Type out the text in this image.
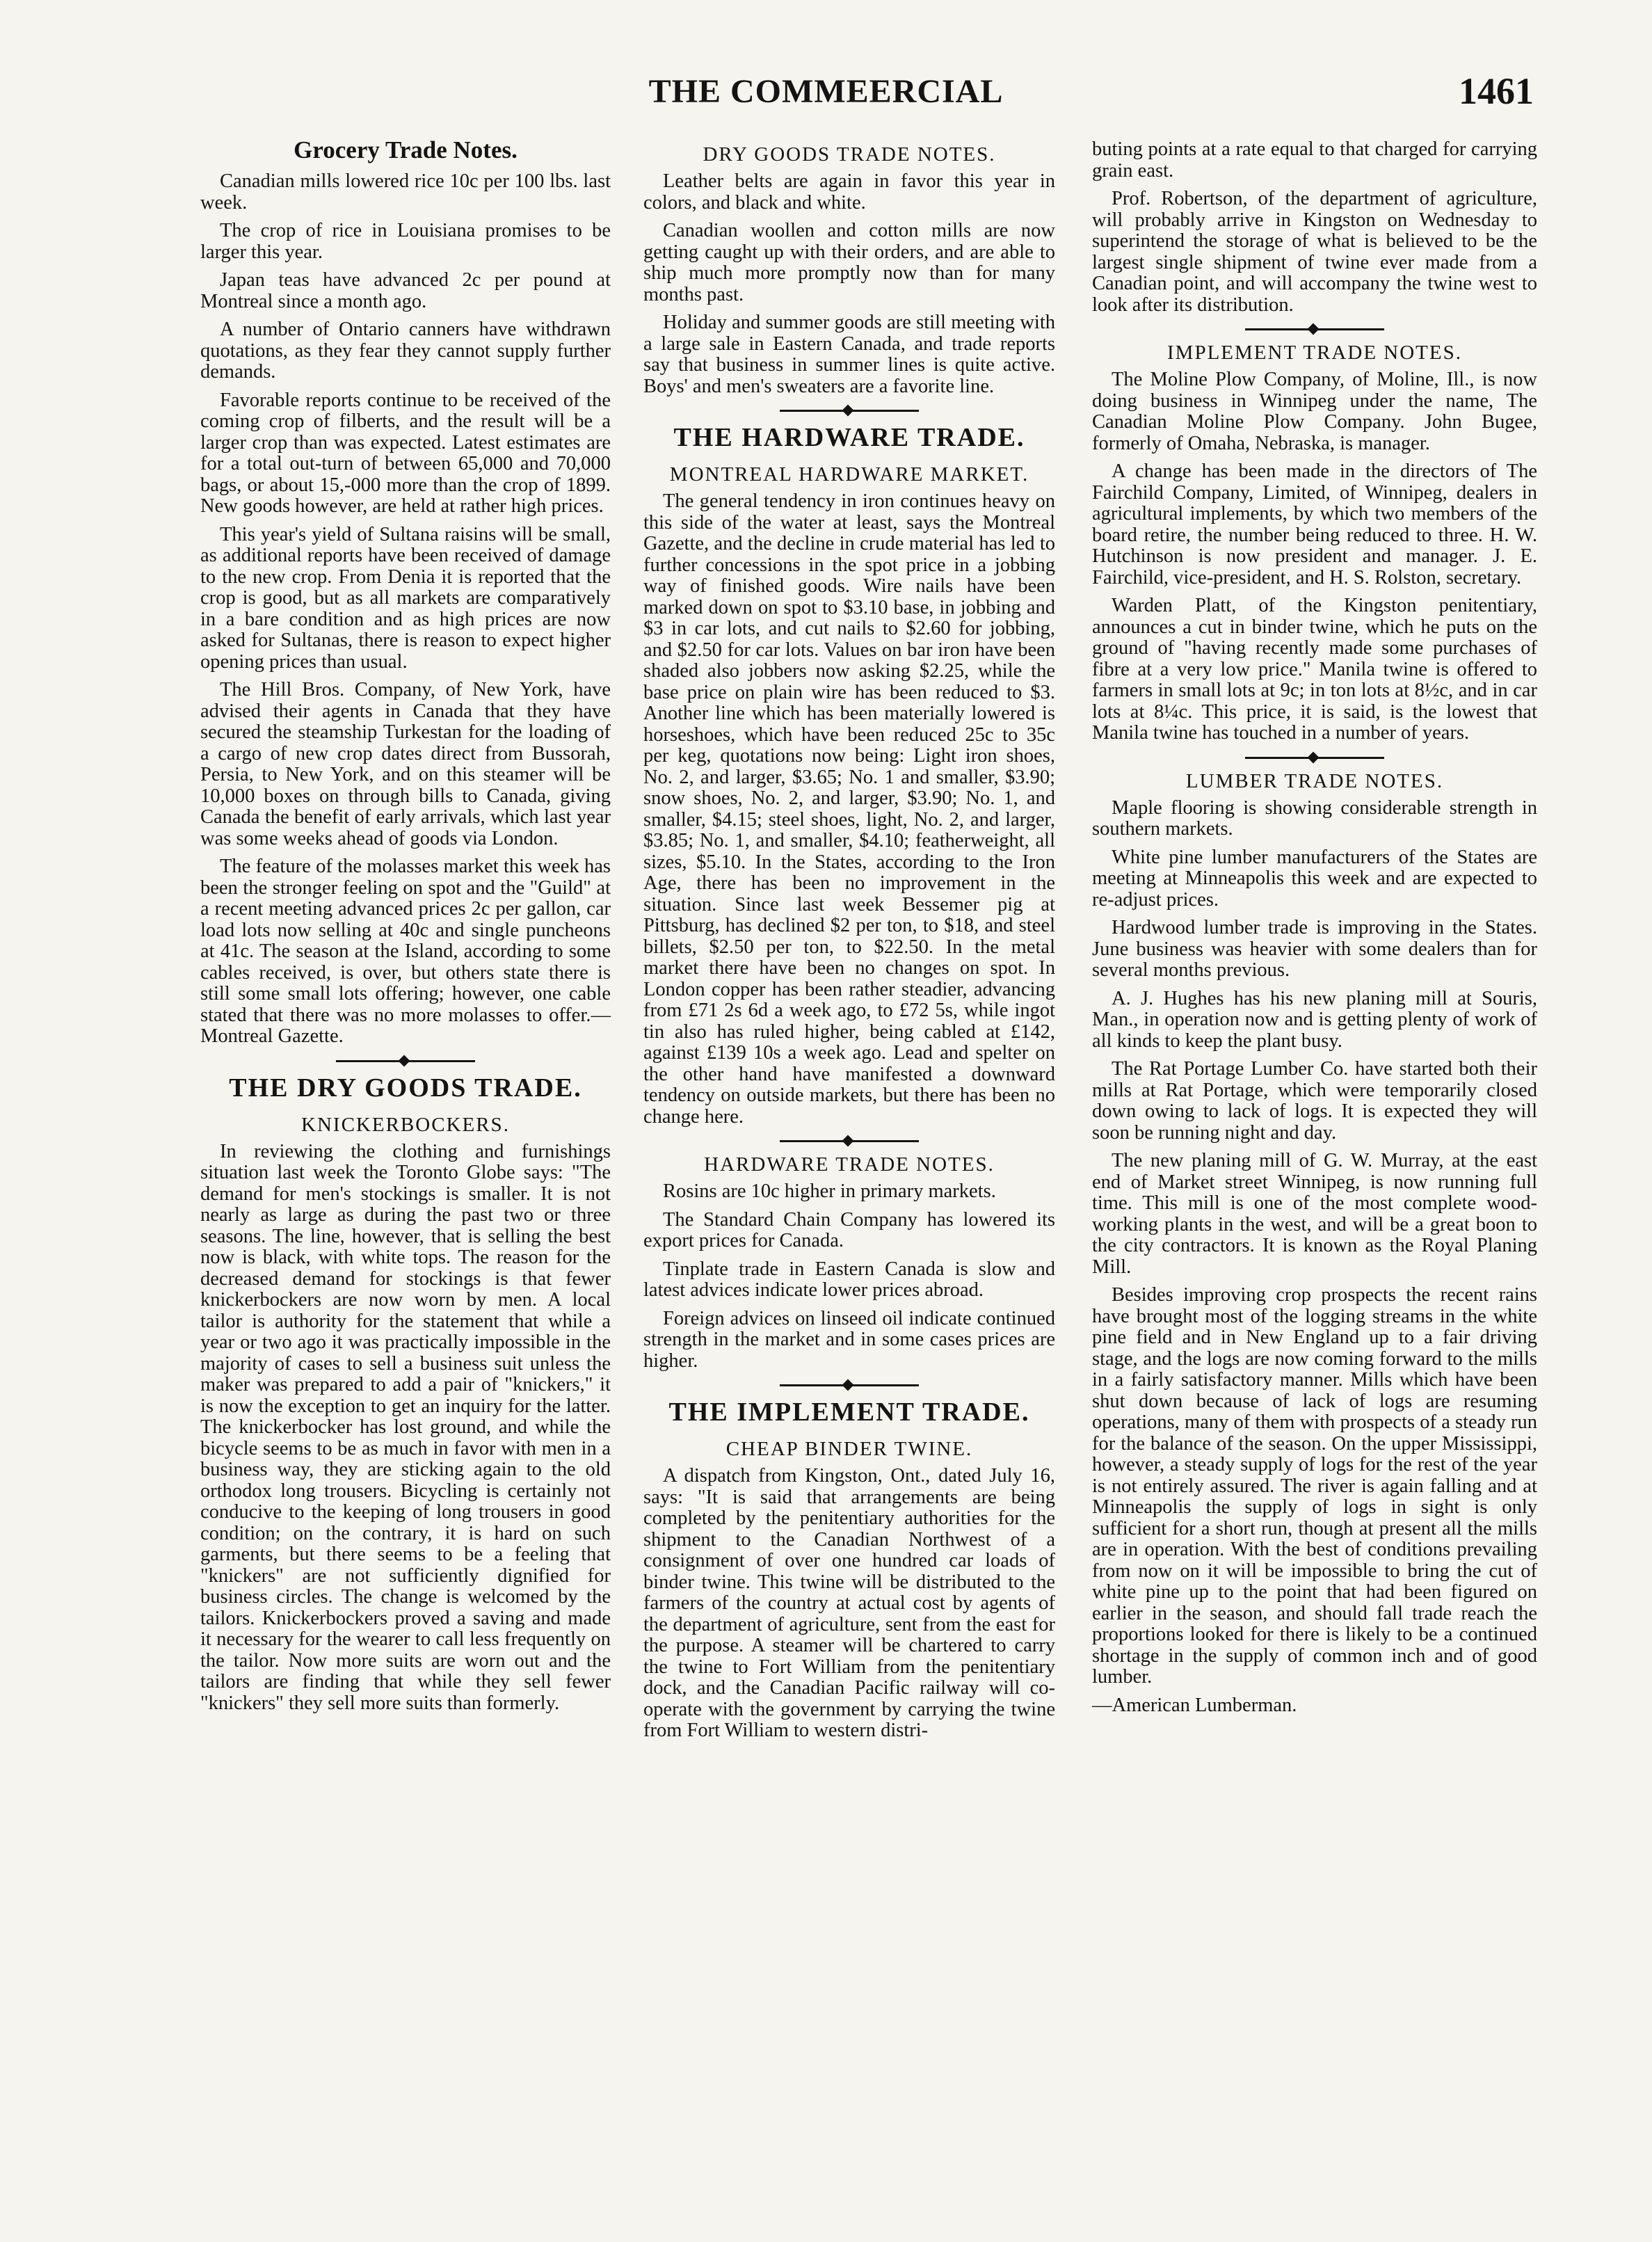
THE COMMEERCIAL	1461
Grocery Trade Notes.

Canadian mills lowered rice 10c per 100 lbs. last week.

The crop of rice in Louisiana promises to be larger this year.

Japan teas have advanced 2c per pound at Montreal since a month ago.

A number of Ontario canners have withdrawn quotations, as they fear they cannot supply further demands.

Favorable reports continue to be received of the coming crop of filberts, and the result will be a larger crop than was expected. Latest estimates are for a total out-turn of between 65,000 and 70,000 bags, or about 15,-000 more than the crop of 1899. New goods however, are held at rather high prices.

This year's yield of Sultana raisins will be small, as additional reports have been received of damage to the new crop. From Denia it is reported that the crop is good, but as all markets are comparatively in a bare condition and as high prices are now asked for Sultanas, there is reason to expect higher opening prices than usual.

The Hill Bros. Company, of New York, have advised their agents in Canada that they have secured the steamship Turkestan for the loading of a cargo of new crop dates direct from Bussorah, Persia, to New York, and on this steamer will be 10,000 boxes on through bills to Canada, giving Canada the benefit of early arrivals, which last year was some weeks ahead of goods via London.

The feature of the molasses market this week has been the stronger feeling on spot and the "Guild" at a recent meeting advanced prices 2c per gallon, car load lots now selling at 40c and single puncheons at 41c. The season at the Island, according to some cables received, is over, but others state there is still some small lots offering; however, one cable stated that there was no more molasses to offer.—Montreal Gazette.

THE DRY GOODS TRADE.
KNICKERBOCKERS.

In reviewing the clothing and furnishings situation last week the Toronto Globe says: "The demand for men's stockings is smaller. It is not nearly as large as during the past two or three seasons. The line, however, that is selling the best now is black, with white tops. The reason for the decreased demand for stockings is that fewer knickerbockers are now worn by men. A local tailor is authority for the statement that while a year or two ago it was practically impossible in the majority of cases to sell a business suit unless the maker was prepared to add a pair of "knickers," it is now the exception to get an inquiry for the latter. The knickerbocker has lost ground, and while the bicycle seems to be as much in favor with men in a business way, they are sticking again to the old orthodox long trousers. Bicycling is certainly not conducive to the keeping of long trousers in good condition; on the contrary, it is hard on such garments, but there seems to be a feeling that "knickers" are not sufficiently dignified for business circles. The change is welcomed by the tailors. Knickerbockers proved a saving and made it necessary for the wearer to call less frequently on the tailor. Now more suits are worn out and the tailors are finding that while they sell fewer "knickers" they sell more suits than formerly.

DRY GOODS TRADE NOTES.

Leather belts are again in favor this year in colors, and black and white.

Canadian woollen and cotton mills are now getting caught up with their orders, and are able to ship much more promptly now than for many months past.

Holiday and summer goods are still meeting with a large sale in Eastern Canada, and trade reports say that business in summer lines is quite active. Boys' and men's sweaters are a favorite line.

THE HARDWARE TRADE.
MONTREAL HARDWARE MARKET.

The general tendency in iron continues heavy on this side of the water at least, says the Montreal Gazette, and the decline in crude material has led to further concessions in the spot price in a jobbing way of finished goods. Wire nails have been marked down on spot to $3.10 base, in jobbing and $3 in car lots, and cut nails to $2.60 for jobbing, and $2.50 for car lots. Values on bar iron have been shaded also jobbers now asking $2.25, while the base price on plain wire has been reduced to $3. Another line which has been materially lowered is horseshoes, which have been reduced 25c to 35c per keg, quotations now being: Light iron shoes, No. 2, and larger, $3.65; No. 1 and smaller, $3.90; snow shoes, No. 2, and larger, $3.90; No. 1, and smaller, $4.15; steel shoes, light, No. 2, and larger, $3.85; No. 1, and smaller, $4.10; featherweight, all sizes, $5.10. In the States, according to the Iron Age, there has been no improvement in the situation. Since last week Bessemer pig at Pittsburg, has declined $2 per ton, to $18, and steel billets, $2.50 per ton, to $22.50. In the metal market there have been no changes on spot. In London copper has been rather steadier, advancing from £71 2s 6d a week ago, to £72 5s, while ingot tin also has ruled higher, being cabled at £142, against £139 10s a week ago. Lead and spelter on the other hand have manifested a downward tendency on outside markets, but there has been no change here.

HARDWARE TRADE NOTES.

Rosins are 10c higher in primary markets.

The Standard Chain Company has lowered its export prices for Canada.

Tinplate trade in Eastern Canada is slow and latest advices indicate lower prices abroad.

Foreign advices on linseed oil indicate continued strength in the market and in some cases prices are higher.

THE IMPLEMENT TRADE.
CHEAP BINDER TWINE.

A dispatch from Kingston, Ont., dated July 16, says: "It is said that arrangements are being completed by the penitentiary authorities for the shipment to the Canadian Northwest of a consignment of over one hundred car loads of binder twine. This twine will be distributed to the farmers of the country at actual cost by agents of the department of agriculture, sent from the east for the purpose. A steamer will be chartered to carry the twine to Fort William from the penitentiary dock, and the Canadian Pacific railway will co-operate with the government by carrying the twine from Fort William to western distri-

buting points at a rate equal to that charged for carrying grain east.

Prof. Robertson, of the department of agriculture, will probably arrive in Kingston on Wednesday to superintend the storage of what is believed to be the largest single shipment of twine ever made from a Canadian point, and will accompany the twine west to look after its distribution.

IMPLEMENT TRADE NOTES.

The Moline Plow Company, of Moline, Ill., is now doing business in Winnipeg under the name, The Canadian Moline Plow Company. John Bugee, formerly of Omaha, Nebraska, is manager.

A change has been made in the directors of The Fairchild Company, Limited, of Winnipeg, dealers in agricultural implements, by which two members of the board retire, the number being reduced to three. H. W. Hutchinson is now president and manager. J. E. Fairchild, vice-president, and H. S. Rolston, secretary.

Warden Platt, of the Kingston penitentiary, announces a cut in binder twine, which he puts on the ground of "having recently made some purchases of fibre at a very low price." Manila twine is offered to farmers in small lots at 9c; in ton lots at 8½c, and in car lots at 8¼c. This price, it is said, is the lowest that Manila twine has touched in a number of years.

LUMBER TRADE NOTES.

Maple flooring is showing considerable strength in southern markets.

White pine lumber manufacturers of the States are meeting at Minneapolis this week and are expected to re-adjust prices.

Hardwood lumber trade is improving in the States. June business was heavier with some dealers than for several months previous.

A. J. Hughes has his new planing mill at Souris, Man., in operation now and is getting plenty of work of all kinds to keep the plant busy.

The Rat Portage Lumber Co. have started both their mills at Rat Portage, which were temporarily closed down owing to lack of logs. It is expected they will soon be running night and day.

The new planing mill of G. W. Murray, at the east end of Market street Winnipeg, is now running full time. This mill is one of the most complete wood-working plants in the west, and will be a great boon to the city contractors. It is known as the Royal Planing Mill.

Besides improving crop prospects the recent rains have brought most of the logging streams in the white pine field and in New England up to a fair driving stage, and the logs are now coming forward to the mills in a fairly satisfactory manner. Mills which have been shut down because of lack of logs are resuming operations, many of them with prospects of a steady run for the balance of the season. On the upper Mississippi, however, a steady supply of logs for the rest of the year is not entirely assured. The river is again falling and at Minneapolis the supply of logs in sight is only sufficient for a short run, though at present all the mills are in operation. With the best of conditions prevailing from now on it will be impossible to bring the cut of white pine up to the point that had been figured on earlier in the season, and should fall trade reach the proportions looked for there is likely to be a continued shortage in the supply of common inch and of good lumber.

—American Lumberman.
